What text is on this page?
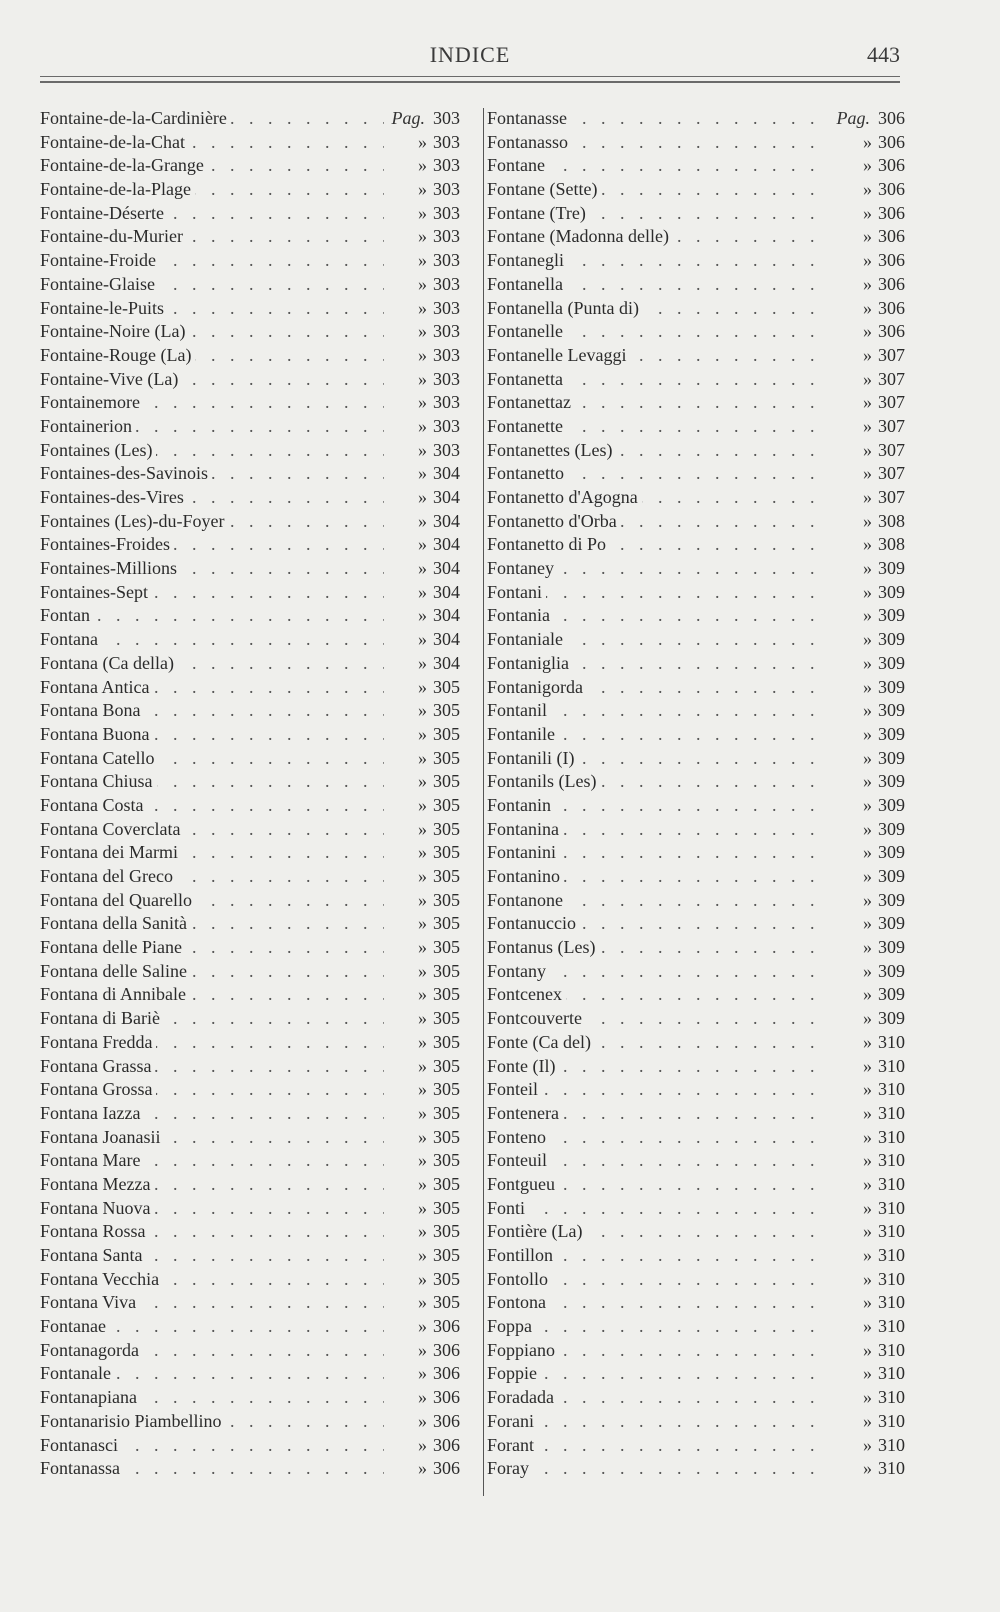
INDICE	443
. . .
Fontaine-de-la-Cardinière	Pag. 303
. . .
Fontaine-de-la-Chat	» 303
. . .
Fontaine-de-la-Grange	» 303
. . .
Fontaine-de-la-Plage	» 303
. . .
Fontaine-Déserte	» 303
. . .
Fontaine-du-Murier	» 303
. . .
Fontaine-Froide	» 303
. . .
Fontaine-Glaise	» 303
. . .
Fontaine-le-Puits	» 303
. . .
Fontaine-Noire (La)	» 303
. . .
Fontaine-Rouge (La)	» 303
. . .
Fontaine-Vive (La)	» 303
. . .
Fontainemore	» 303
. . .
Fontainerion	» 303
. . .
Fontaines (Les)	» 303
. . .
Fontaines-des-Savinois	» 304
. . .
Fontaines-des-Vires	» 304
. . .
Fontaines (Les)-du-Foyer	» 304
. . .
Fontaines-Froides	» 304
. . .
Fontaines-Millions	» 304
. . .
Fontaines-Sept	» 304
. . .
Fontan	» 304
. . .
Fontana	» 304
. . .
Fontana (Ca della)	» 304
. . .
Fontana Antica	» 305
. . .
Fontana Bona	» 305
. . .
Fontana Buona	» 305
. . .
Fontana Catello	» 305
. . .
Fontana Chiusa	» 305
. . .
Fontana Costa	» 305
. . .
Fontana Coverclata	» 305
. . .
Fontana dei Marmi	» 305
. . .
Fontana del Greco	» 305
. . .
Fontana del Quarello	» 305
. . .
Fontana della Sanità	» 305
. . .
Fontana delle Piane	» 305
. . .
Fontana delle Saline	» 305
. . .
Fontana di Annibale	» 305
. . .
Fontana di Bariè	» 305
. . .
Fontana Fredda	» 305
. . .
Fontana Grassa	» 305
. . .
Fontana Grossa	» 305
. . .
Fontana Iazza	» 305
. . .
Fontana Joanasii	» 305
. . .
Fontana Mare	» 305
. . .
Fontana Mezza	» 305
. . .
Fontana Nuova	» 305
. . .
Fontana Rossa	» 305
. . .
Fontana Santa	» 305
. . .
Fontana Vecchia	» 305
. . .
Fontana Viva	» 305
. . .
Fontanae	» 306
. . .
Fontanagorda	» 306
. . .
Fontanale	» 306
. . .
Fontanapiana	» 306
. . .
Fontanarisio Piambellino	» 306
. . .
Fontanasci	» 306
. . .
Fontanassa	» 306
. . .
Fontanasse	Pag. 306
. . .
Fontanasso	» 306
. . .
Fontane	» 306
. . .
Fontane (Sette)	» 306
. . .
Fontane (Tre)	» 306
. . .
Fontane (Madonna delle)	» 306
. . .
Fontanegli	» 306
. . .
Fontanella	» 306
. . .
Fontanella (Punta di)	» 306
. . .
Fontanelle	» 306
. . .
Fontanelle Levaggi	» 307
. . .
Fontanetta	» 307
. . .
Fontanettaz	» 307
. . .
Fontanette	» 307
. . .
Fontanettes (Les)	» 307
. . .
Fontanetto	» 307
. . .
Fontanetto d'Agogna	» 307
. . .
Fontanetto d'Orba	» 308
. . .
Fontanetto di Po	» 308
. . .
Fontaney	» 309
. . .
Fontani	» 309
. . .
Fontania	» 309
. . .
Fontaniale	» 309
. . .
Fontaniglia	» 309
. . .
Fontanigorda	» 309
. . .
Fontanil	» 309
. . .
Fontanile	» 309
. . .
Fontanili (I)	» 309
. . .
Fontanils (Les)	» 309
. . .
Fontanin	» 309
. . .
Fontanina	» 309
. . .
Fontanini	» 309
. . .
Fontanino	» 309
. . .
Fontanone	» 309
. . .
Fontanuccio	» 309
. . .
Fontanus (Les)	» 309
. . .
Fontany	» 309
. . .
Fontcenex	» 309
. . .
Fontcouverte	» 309
. . .
Fonte (Ca del)	» 310
. . .
Fonte (Il)	» 310
. . .
Fonteil	» 310
. . .
Fontenera	» 310
. . .
Fonteno	» 310
. . .
Fonteuil	» 310
. . .
Fontgueu	» 310
. . .
Fonti	» 310
. . .
Fontière (La)	» 310
. . .
Fontillon	» 310
. . .
Fontollo	» 310
. . .
Fontona	» 310
. . .
Foppa	» 310
. . .
Foppiano	» 310
. . .
Foppie	» 310
. . .
Foradada	» 310
. . .
Forani	» 310
. . .
Forant	» 310
. . .
Foray	» 310
